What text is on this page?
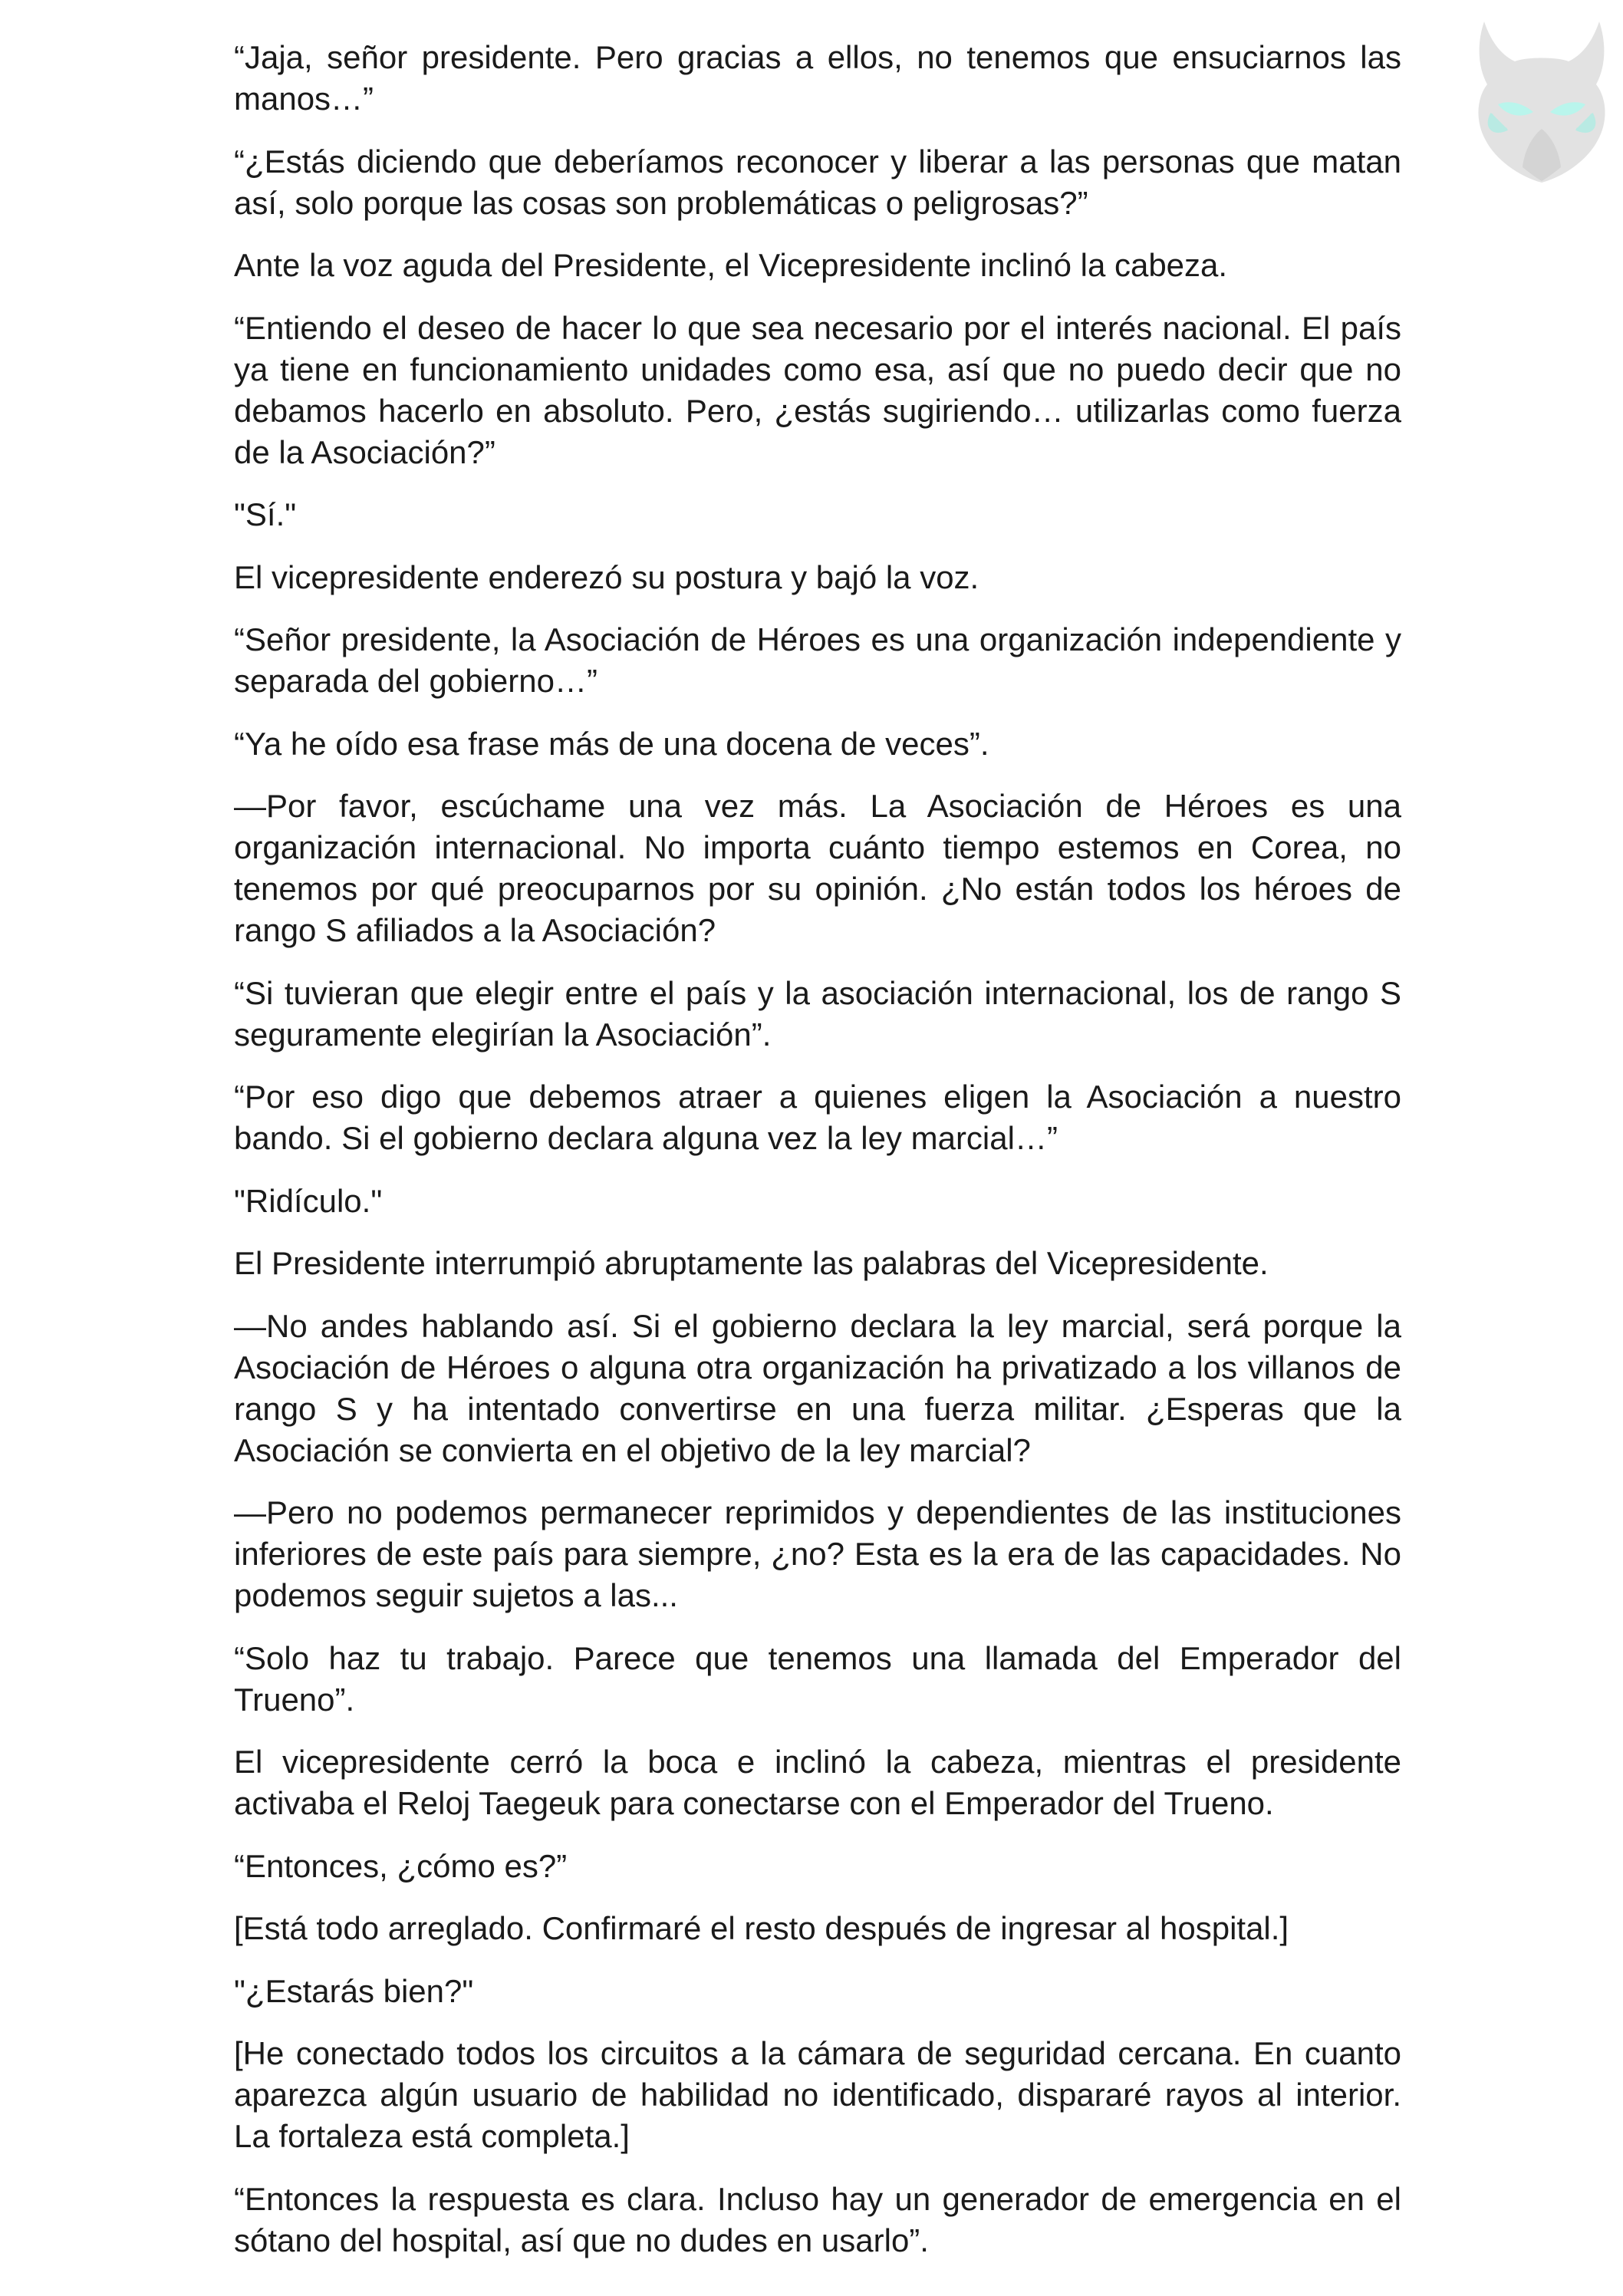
“Jaja, señor presidente. Pero gracias a ellos, no tenemos que ensuciarnos las manos…”

“¿Estás diciendo que deberíamos reconocer y liberar a las personas que matan así, solo porque las cosas son problemáticas o peligrosas?”

Ante la voz aguda del Presidente, el Vicepresidente inclinó la cabeza.

“Entiendo el deseo de hacer lo que sea necesario por el interés nacional. El país ya tiene en funcionamiento unidades como esa, así que no puedo decir que no debamos hacerlo en absoluto. Pero, ¿estás sugiriendo… utilizarlas como fuerza de la Asociación?”

"Sí."

El vicepresidente enderezó su postura y bajó la voz.

“Señor presidente, la Asociación de Héroes es una organización independiente y separada del gobierno…”

“Ya he oído esa frase más de una docena de veces”.

—Por favor, escúchame una vez más. La Asociación de Héroes es una organización internacional. No importa cuánto tiempo estemos en Corea, no tenemos por qué preocuparnos por su opinión. ¿No están todos los héroes de rango S afiliados a la Asociación?

“Si tuvieran que elegir entre el país y la asociación internacional, los de rango S seguramente elegirían la Asociación”.

“Por eso digo que debemos atraer a quienes eligen la Asociación a nuestro bando. Si el gobierno declara alguna vez la ley marcial…”

"Ridículo."

El Presidente interrumpió abruptamente las palabras del Vicepresidente.

—No andes hablando así. Si el gobierno declara la ley marcial, será porque la Asociación de Héroes o alguna otra organización ha privatizado a los villanos de rango S y ha intentado convertirse en una fuerza militar. ¿Esperas que la Asociación se convierta en el objetivo de la ley marcial?

—Pero no podemos permanecer reprimidos y dependientes de las instituciones inferiores de este país para siempre, ¿no? Esta es la era de las capacidades. No podemos seguir sujetos a las...

“Solo haz tu trabajo. Parece que tenemos una llamada del Emperador del Trueno”.

El vicepresidente cerró la boca e inclinó la cabeza, mientras el presidente activaba el Reloj Taegeuk para conectarse con el Emperador del Trueno.

“Entonces, ¿cómo es?”

[Está todo arreglado. Confirmaré el resto después de ingresar al hospital.]

"¿Estarás bien?"

[He conectado todos los circuitos a la cámara de seguridad cercana. En cuanto aparezca algún usuario de habilidad no identificado, dispararé rayos al interior. La fortaleza está completa.]

“Entonces la respuesta es clara. Incluso hay un generador de emergencia en el sótano del hospital, así que no dudes en usarlo”.
